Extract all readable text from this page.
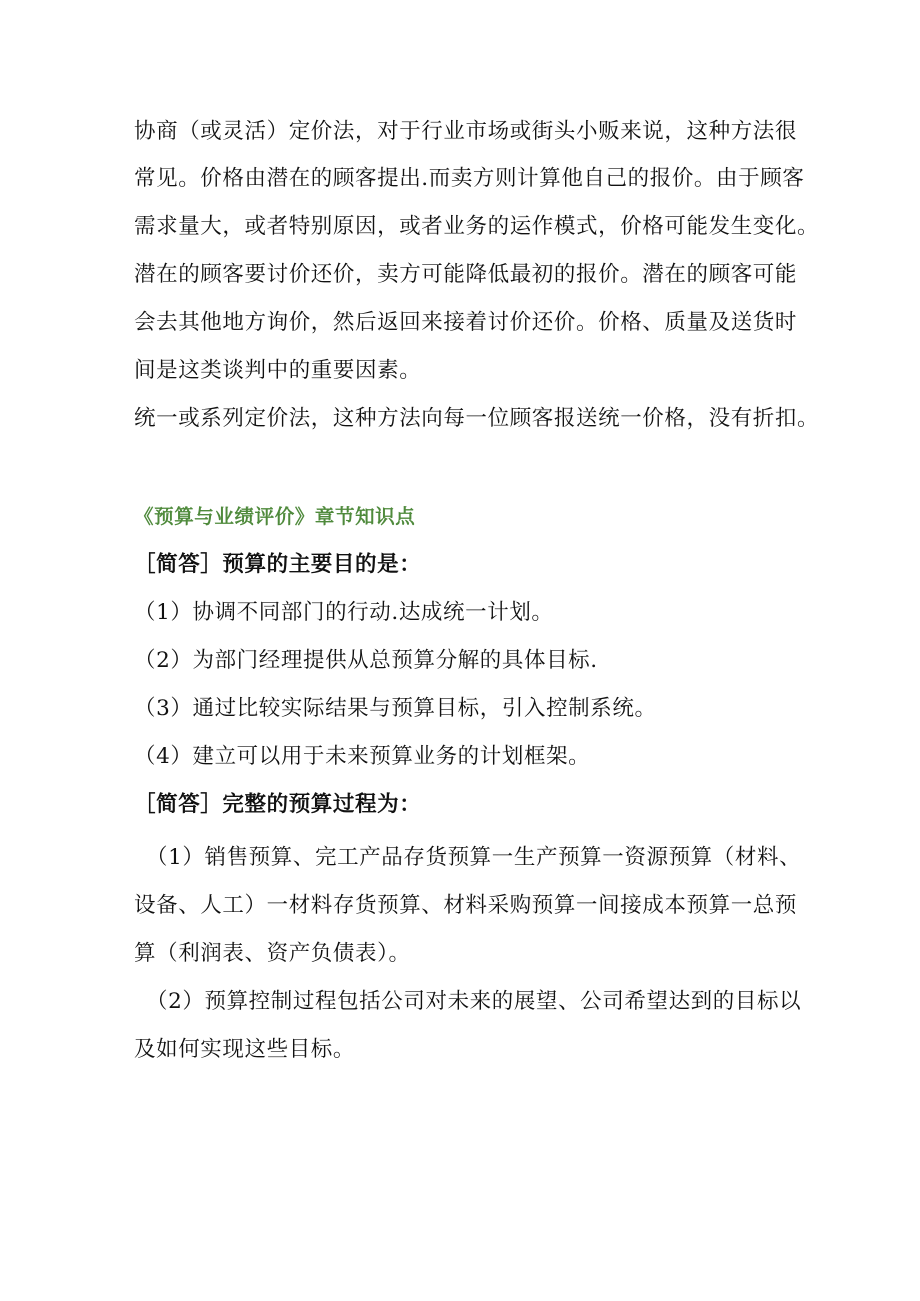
协商（或灵活）定价法，对于行业市场或街头小贩来说，这种方法很
常见。价格由潜在的顾客提出.而卖方则计算他自己的报价。由于顾客
需求量大，或者特别原因，或者业务的运作模式，价格可能发生变化。
潜在的顾客要讨价还价，卖方可能降低最初的报价。潜在的顾客可能
会去其他地方询价，然后返回来接着讨价还价。价格、质量及送货时
间是这类谈判中的重要因素。
统一或系列定价法，这种方法向每一位顾客报送统一价格，没有折扣。
《预算与业绩评价》章节知识点
［简答］预算的主要目的是：
（1）协调不同部门的行动.达成统一计划。
（2）为部门经理提供从总预算分解的具体目标.
（3）通过比较实际结果与预算目标，引入控制系统。
（4）建立可以用于未来预算业务的计划框架。
［简答］完整的预算过程为：
（1）销售预算、完工产品存货预算一生产预算一资源预算（材料、
设备、人工）一材料存货预算、材料采购预算一间接成本预算一总预
算（利润表、资产负债表）。
（2）预算控制过程包括公司对未来的展望、公司希望达到的目标以
及如何实现这些目标。
